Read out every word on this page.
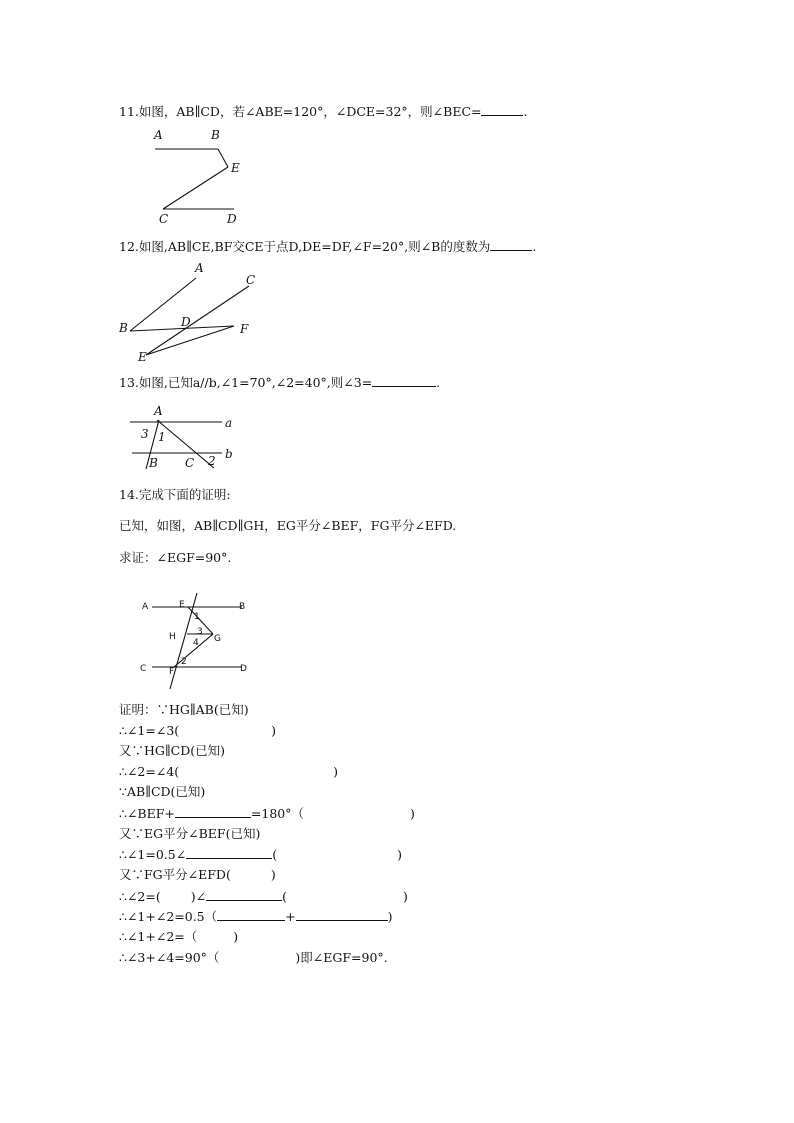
11.如图，AB∥CD，若∠ABE=120°，∠DCE=32°，则∠BEC=	.
A	B
E
C	D
12.如图,AB∥CE,BF交CE于点D,DE=DF,∠F=20°,则∠B的度数为	.
A
C
B	D	F
E
13.如图,已知a//b,∠1=70°,∠2=40°,则∠3=	.
A
a
3 1
B C 2 b
14.完成下面的证明:
已知，如图，AB∥CD∥GH，EG平分∠BEF，FG平分∠EFD.
求证：∠EGF=90°.
A	E	B
1
H 3
G
4
2
C	F	D
证明：∵HG∥AB(已知)
∴∠1=∠3(	)
又∵HG∥CD(已知)
∴∠2=∠4(	)
∵AB∥CD(已知)
∴∠BEF+	=180°（	)
又∵EG平分∠BEF(已知)
∴∠1=0.5∠	(	)
又∵FG平分∠EFD(	)
∴∠2=( )∠	(	)
∴∠1+∠2=0.5（	+	)
∴∠1+∠2=（	)
∴∠3+∠4=90°（	)即∠EGF=90°.
